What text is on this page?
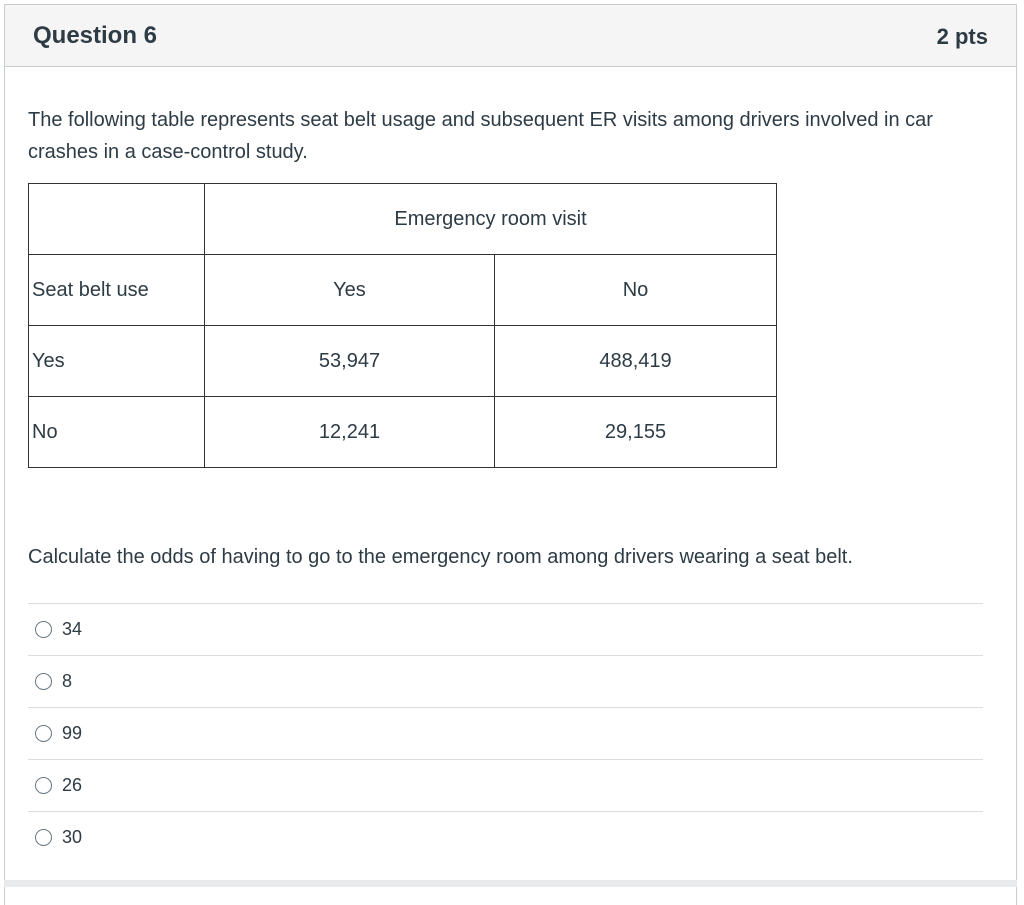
Question 6	2 pts
The following table represents seat belt usage and subsequent ER visits among drivers involved in car crashes in a case-control study.
	Emergency room visit	
Seat belt use	Yes	No
Yes	53,947	488,419
No	12,241	29,155
Calculate the odds of having to go to the emergency room among drivers wearing a seat belt.
34
8
99
26
30
